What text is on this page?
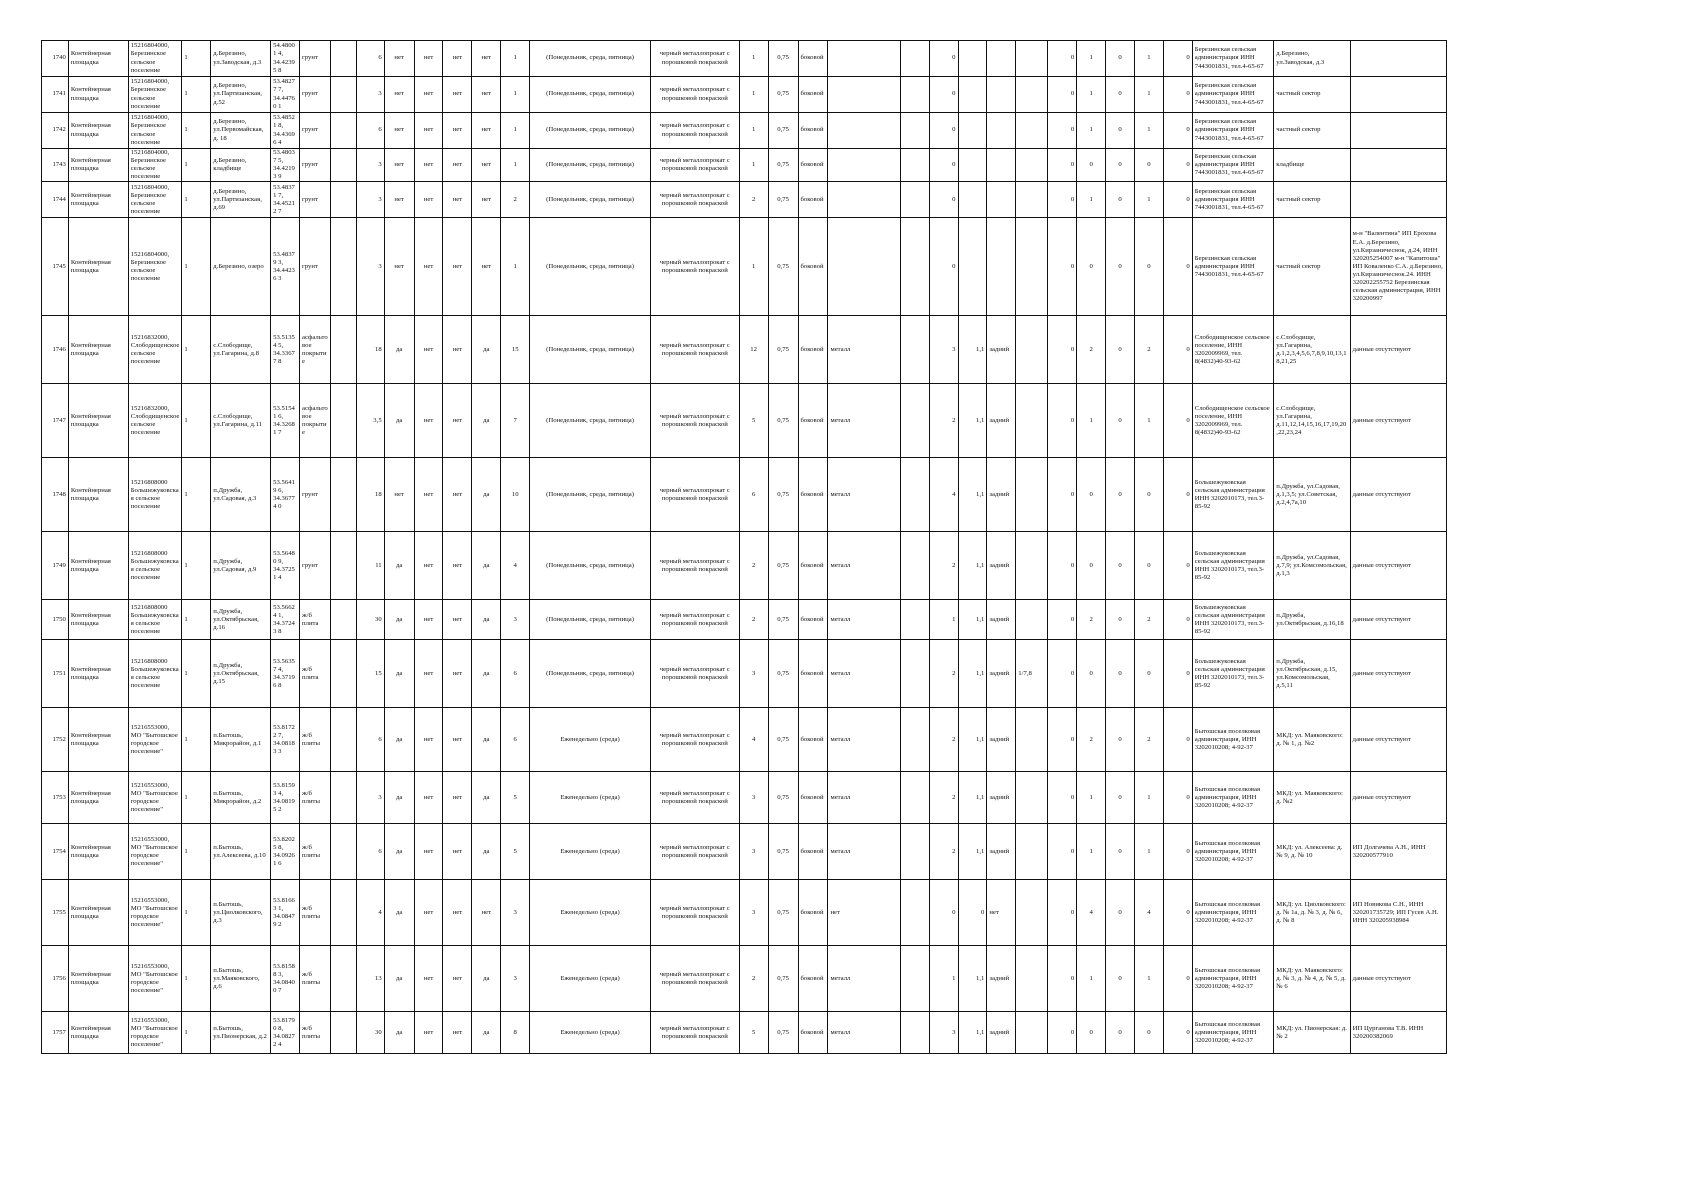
1740	Контейнерная площадка	15216804000, Березинское сельское поселение	1	д.Березино, ул.Заводская, д.3	54.48001 4, 34.42395 8	грунт		6	нет	нет	нет	нет	1	(Понедельник, среда, пятница)	черный металлопрокат с порошковой покраской	1	0,75	боковой			0				0	1	0	1	0	Березинская сельская администрация ИНН 7443001831, тел.4-65-67	д.Березино, ул.Заводская, д.3	
1741	Контейнерная площадка	15216804000, Березинское сельское поселение	1	д.Березино, ул.Партизанская, д.52	53.48277 7, 34.44760 1	грунт		3	нет	нет	нет	нет	1	(Понедельник, среда, пятница)	черный металлопрокат с порошковой покраской	1	0,75	боковой			0				0	1	0	1	0	Березинская сельская администрация ИНН 7443001831, тел.4-65-67	частный сектор	
1742	Контейнерная площадка	15216804000, Березинское сельское поселение	1	д.Березино, ул.Первомайская, д. 18	53.48521 8, 34.43696 4	грунт		6	нет	нет	нет	нет	1	(Понедельник, среда, пятница)	черный металлопрокат с порошковой покраской	1	0,75	боковой			0				0	1	0	1	0	Березинская сельская администрация ИНН 7443001831, тел.4-65-67	частный сектор	
1743	Контейнерная площадка	15216804000, Березинское сельское поселение	1	д.Березино, кладбище	53.48037 5, 34.42193 9	грунт		3	нет	нет	нет	нет	1	(Понедельник, среда, пятница)	черный металлопрокат с порошковой покраской	1	0,75	боковой			0				0	0	0	0	0	Березинская сельская администрация ИНН 7443001831, тел.4-65-67	кладбище	
1744	Контейнерная площадка	15216804000, Березинское сельское поселение	1	д.Березино, ул.Партизанская, д.69	53.48371 7, 34.45212 7	грунт		3	нет	нет	нет	нет	2	(Понедельник, среда, пятница)	черный металлопрокат с порошковой покраской	2	0,75	боковой			0				0	1	0	1	0	Березинская сельская администрация ИНН 7443001831, тел.4-65-67	частный сектор	
1745	Контейнерная площадка	15216804000, Березинское сельское поселение	1	д.Березино, озеро	53.48379 3, 34.44236 3	грунт		3	нет	нет	нет	нет	1	(Понедельник, среда, пятница)	черный металлопрокат с порошковой покраской	1	0,75	боковой			0				0	0	0	0	0	Березинская сельская администрация ИНН 7443001831, тел.4-65-67	частный сектор	м-н "Валентина" ИП Ерохова Е.А. д.Березино, ул.Кирзаничеснок, д.24, ИНН 320205254007 м-н "Капитоша" ИП Коваленко С.А. д.Березино, ул.Кирзаничеснок.24. ИНН 320202255752 Березинская сельская администрация, ИНН 320200997
1746	Контейнерная площадка	15216832000, Слободищенское сельское поселение	1	с.Слободище, ул.Гагарина, д.8	53.51354 5, 34.33677 8	асфальтовое покрытие		18	да	нет	нет	да	15	(Понедельник, среда, пятница)	черный металлопрокат с порошковой покраской	12	0,75	боковой	металл		3	1,1	задний		0	2	0	2	0	Слободищенское сельское поселение, ИНН 3202009969, тел. 8(4832)40-93-62	с.Слободище, ул.Гагарина, д.1,2,3,4,5,6,7,8,9,10,13,18,21,25	данные отсутствуют
1747	Контейнерная площадка	15216832000, Слободищенское сельское поселение	1	с.Слободище, ул.Гагарина, д.11	53.51541 6, 34.32681 7	асфальтовое покрытие		3,5	да	нет	нет	да	7	(Понедельник, среда, пятница)	черный металлопрокат с порошковой покраской	5	0,75	боковой	металл		2	1,1	задний		0	1	0	1	0	Слободищенское сельское поселение, ИНН 3202009969, тел. 8(4832)40-93-62	с.Слободище, ул.Гагарина, д.11,12,14,15,16,17,19,20,22,23,24	данные отсутствуют
1748	Контейнерная площадка	15216808000 Большежуковская сельское поселение	1	п.Дружба, ул.Садовая, д.3	53.56419 6, 34.36774 0	грунт		18	нет	нет	нет	да	10	(Понедельник, среда, пятница)	черный металлопрокат с порошковой покраской	6	0,75	боковой	металл		4	1,1	задний		0	0	0	0	0	Большежуковская сельская администрация ИНН 3202010173, тел.3-85-92	п.Дружба, ул.Садовая, д.1,3,5; ул.Советская, д.2,4,7а,10	данные отсутствуют
1749	Контейнерная площадка	15216808000 Большежуковская сельское поселение	1	п.Дружба, ул.Садовая, д.9	53.56480 9, 34.37251 4	грунт		11	да	нет	нет	да	4	(Понедельник, среда, пятница)	черный металлопрокат с порошковой покраской	2	0,75	боковой	металл		2	1,1	задний		0	0	0	0	0	Большежуковская сельская администрация ИНН 3202010173, тел.3-85-92	п.Дружба, ул.Садовая, д.7,9; ул.Комсомольская, д.1,3	данные отсутствуют
1750	Контейнерная площадка	15216808000 Большежуковская сельское поселение	1	п.Дружба, ул.Октябрьская, д.16	53.56624 1, 34.37243 8	ж/б плита		30	да	нет	нет	да	3	(Понедельник, среда, пятница)	черный металлопрокат с порошковой покраской	2	0,75	боковой	металл		1	1,1	задний		0	2	0	2	0	Большежуковская сельская администрация ИНН 3202010173, тел.3-85-92	п.Дружба, ул.Октябрьская, д.16,18	данные отсутствуют
1751	Контейнерная площадка	15216808000 Большежуковская сельское поселение	1	п.Дружба, ул.Октябрьская, д.15	53.56357 4, 34.37196 8	ж/б плита		15	да	нет	нет	да	6	(Понедельник, среда, пятница)	черный металлопрокат с порошковой покраской	3	0,75	боковой	металл		2	1,1	задний	1/7,8	0	0	0	0	0	Большежуковская сельская администрация ИНН 3202010173, тел.3-85-92	п.Дружба, ул.Октябрьская, д.15, ул.Комсомольская, д.5,11	данные отсутствуют
1752	Контейнерная площадка	15216553000, МО "Бытошское городское поселение"	1	п.Бытошь, Микрорайон, д.1	53.81722 7, 34.08183 3	ж/б плиты		6	да	нет	нет	да	6	Еженедельно (среда)	черный металлопрокат с порошковой покраской	4	0,75	боковой	металл		2	1,1	задний		0	2	0	2	0	Бытошская поселковая администрация, ИНН 3202010208; 4-92-37	МКД: ул. Маяковского: д. № 1, д. №2	данные отсутствуют
1753	Контейнерная площадка	15216553000, МО "Бытошское городское поселение"	1	п.Бытошь, Микрорайон, д.2	53.81593 4, 34.08195 2	ж/б плиты		3	да	нет	нет	да	5	Еженедельно (среда)	черный металлопрокат с порошковой покраской	3	0,75	боковой	металл		2	1,1	задний		0	1	0	1	0	Бытошская поселковая администрация, ИНН 3202010208; 4-92-37	МКД: ул. Маяковского: д. №2	данные отсутствуют
1754	Контейнерная площадка	15216553000, МО "Бытошское городское поселение"	1	п.Бытошь, ул.Алексеева, д.10	53.82025 8, 34.09261 6	ж/б плиты		6	да	нет	нет	да	5	Еженедельно (среда)	черный металлопрокат с порошковой покраской	3	0,75	боковой	металл		2	1,1	задний		0	1	0	1	0	Бытошская поселковая администрация, ИНН 3202010208; 4-92-37	МКД: ул. Алексеева: д. № 9, д. № 10	ИП Долгачева А.Н., ИНН 320200577910
1755	Контейнерная площадка	15216553000, МО "Бытошское городское поселение"	1	п.Бытошь, ул.Циолковского, д.3	53.81663 1, 34.08479 2	ж/б плиты		4	да	нет	нет	нет	3	Еженедельно (среда)	черный металлопрокат с порошковой покраской	3	0,75	боковой	нет		0	0	нет		0	4	0	4	0	Бытошская поселковая администрация, ИНН 3202010208; 4-92-37	МКД: ул. Циолковского: д. № 1а, д. № 3, д. № 6, д. № 8	ИП Новикова С.Н., ИНН 320201735729; ИП Гусев А.Н. ИНН 320205938984
1756	Контейнерная площадка	15216553000, МО "Бытошское городское поселение"	1	п.Бытошь, ул.Маяковского, д.6	53.81588 3, 34.08400 7	ж/б плиты		13	да	нет	нет	да	3	Еженедельно (среда)	черный металлопрокат с порошковой покраской	2	0,75	боковой	металл		1	1,1	задний		0	1	0	1	0	Бытошская поселковая администрация, ИНН 3202010208; 4-92-37	МКД: ул. Маяковского: д. № 3, д. № 4, д. № 5, д. № 6	данные отсутствуют
1757	Контейнерная площадка	15216553000, МО "Бытошское городское поселение"	1	п.Бытошь, ул.Пионерская, д.2	53.81790 8, 34.08272 4	ж/б плиты		30	да	нет	нет	да	8	Еженедельно (среда)	черный металлопрокат с порошковой покраской	5	0,75	боковой	металл		3	1,1	задний		0	0	0	0	0	Бытошская поселковая администрация, ИНН 3202010208; 4-92-37	МКД: ул. Пионерская: д. № 2	ИП Цурганова Т.В. ИНН 320200382069
